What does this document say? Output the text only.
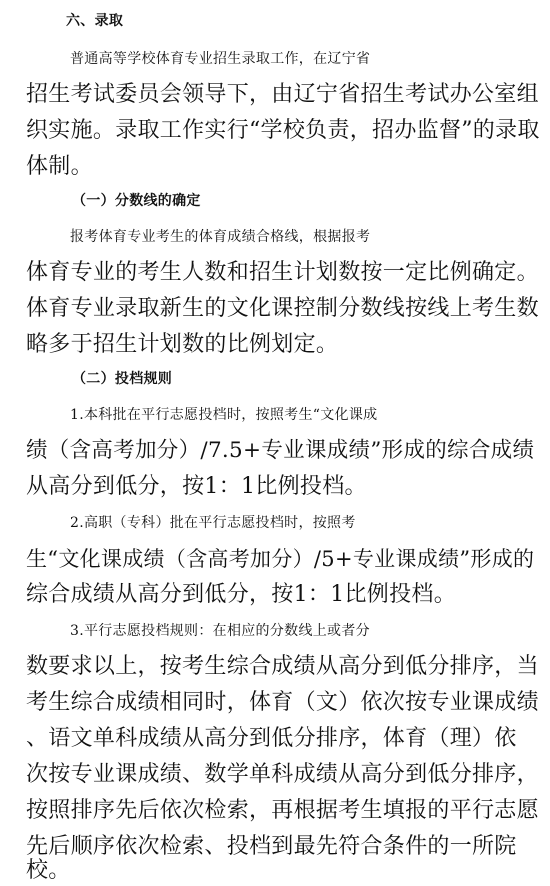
六、录取
普通高等学校体育专业招生录取工作，在辽宁省
招生考试委员会领导下，由辽宁省招生考试办公室组
织实施。录取工作实行“学校负责，招办监督”的录取
体制。
（一）分数线的确定
报考体育专业考生的体育成绩合格线，根据报考
体育专业的考生人数和招生计划数按一定比例确定。
体育专业录取新生的文化课控制分数线按线上考生数
略多于招生计划数的比例划定。
（二）投档规则
1.本科批在平行志愿投档时，按照考生“文化课成
绩（含高考加分）/7.5+专业课成绩”形成的综合成绩
从高分到低分，按1：1比例投档。
2.高职（专科）批在平行志愿投档时，按照考
生“文化课成绩（含高考加分）/5+专业课成绩”形成的
综合成绩从高分到低分，按1：1比例投档。
3.平行志愿投档规则：在相应的分数线上或者分
数要求以上，按考生综合成绩从高分到低分排序，当
考生综合成绩相同时，体育（文）依次按专业课成绩
、语文单科成绩从高分到低分排序，体育（理）依
次按专业课成绩、数学单科成绩从高分到低分排序，
按照排序先后依次检索，再根据考生填报的平行志愿
先后顺序依次检索、投档到最先符合条件的一所院
校。
